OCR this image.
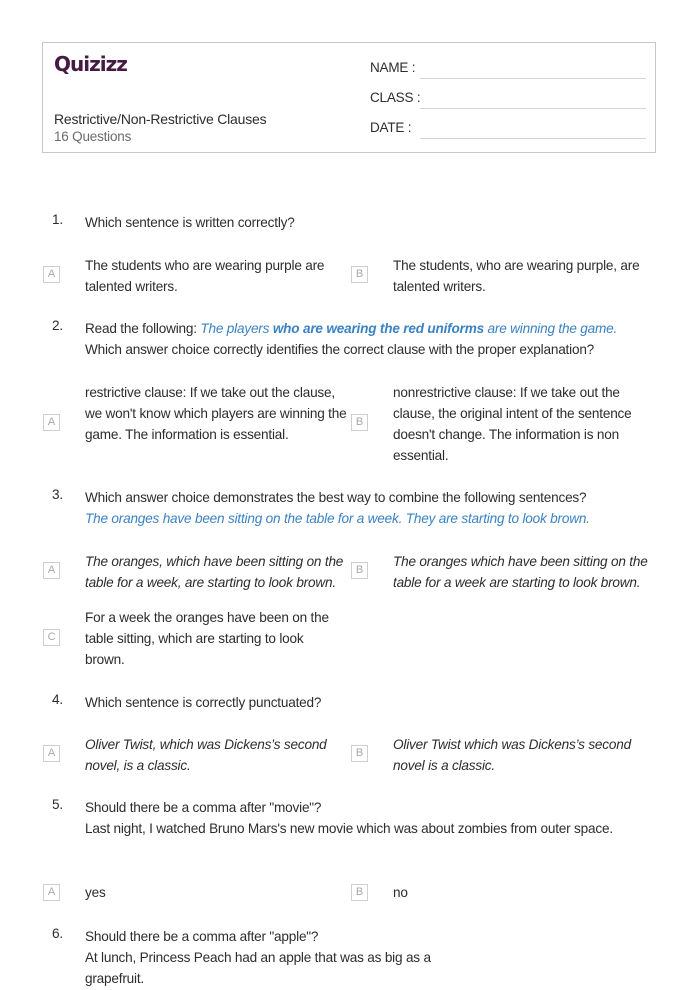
Quizizz
Restrictive/Non-Restrictive Clauses
16 Questions
NAME :
CLASS :
DATE :
1. Which sentence is written correctly?
A
The students who are wearing purple are talented writers.
B
The students, who are wearing purple, are talented writers.
2. Read the following: The players who are wearing the red uniforms are winning the game.
Which answer choice correctly identifies the correct clause with the proper explanation?
A
restrictive clause: If we take out the clause, we won't know which players are winning the game. The information is essential.
B
nonrestrictive clause: If we take out the clause, the original intent of the sentence doesn't change. The information is non essential.
3. Which answer choice demonstrates the best way to combine the following sentences?
The oranges have been sitting on the table for a week. They are starting to look brown.
A
The oranges, which have been sitting on the table for a week, are starting to look brown.
B
The oranges which have been sitting on the table for a week are starting to look brown.
C
For a week the oranges have been on the table sitting, which are starting to look brown.
4. Which sentence is correctly punctuated?
A
Oliver Twist, which was Dickens’s second novel, is a classic.
B
Oliver Twist which was Dickens’s second novel is a classic.
5. Should there be a comma after "movie"?
Last night, I watched Bruno Mars's new movie which was about zombies from outer space.
A	yes	B	no
6. Should there be a comma after "apple"?
At lunch, Princess Peach had an apple that was as big as a grapefruit.
